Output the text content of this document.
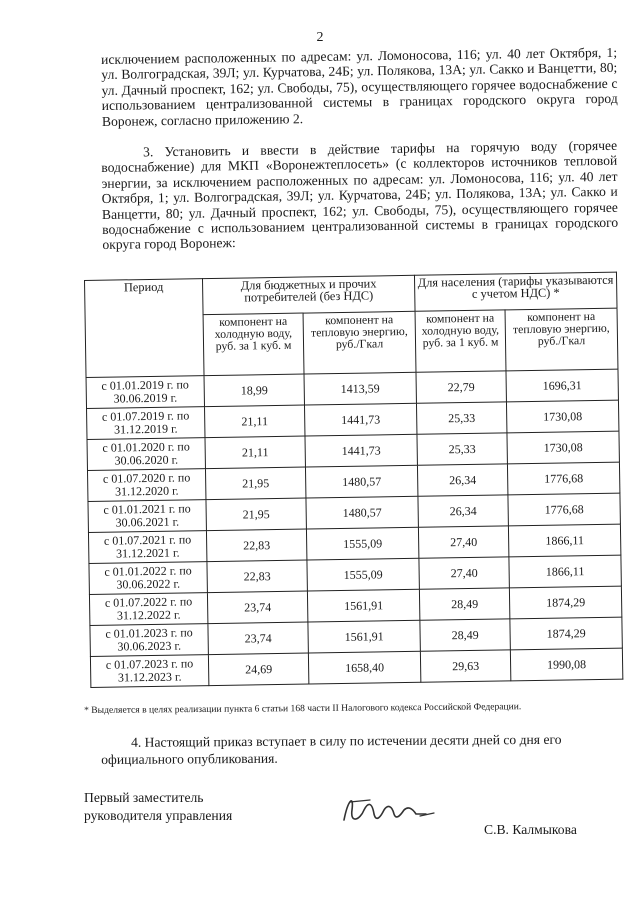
2
исключением расположенных по адресам: ул. Ломоносова, 116; ул. 40 лет Октября, 1; ул. Волгоградская, 39Л; ул. Курчатова, 24Б; ул. Полякова, 13А; ул. Сакко и Ванцетти, 80; ул. Дачный проспект, 162; ул. Свободы, 75), осуществляющего горячее водоснабжение с использованием централизованной системы в границах городского округа город Воронеж, согласно приложению 2.
3. Установить и ввести в действие тарифы на горячую воду (горячее водоснабжение) для МКП «Воронежтеплосеть» (с коллекторов источников тепловой энергии, за исключением расположенных по адресам: ул. Ломоносова, 116; ул. 40 лет Октября, 1; ул. Волгоградская, 39Л; ул. Курчатова, 24Б; ул. Полякова, 13А; ул. Сакко и Ванцетти, 80; ул. Дачный проспект, 162; ул. Свободы, 75), осуществляющего горячее водоснабжение с использованием централизованной системы в границах городского округа город Воронеж:
Период	Для бюджетных и прочих потребителей (без НДС)		Для населения (тарифы указываются с учетом НДС) *	
	компонент на холодную воду, руб. за 1 куб. м	компонент на тепловую энергию, руб./Гкал	компонент на холодную воду, руб. за 1 куб. м	компонент на тепловую энергию, руб./Гкал
с 01.01.2019 г. по 30.06.2019 г.	18,99	1413,59	22,79	1696,31
с 01.07.2019 г. по 31.12.2019 г.	21,11	1441,73	25,33	1730,08
с 01.01.2020 г. по 30.06.2020 г.	21,11	1441,73	25,33	1730,08
с 01.07.2020 г. по 31.12.2020 г.	21,95	1480,57	26,34	1776,68
с 01.01.2021 г. по 30.06.2021 г.	21,95	1480,57	26,34	1776,68
с 01.07.2021 г. по 31.12.2021 г.	22,83	1555,09	27,40	1866,11
с 01.01.2022 г. по 30.06.2022 г.	22,83	1555,09	27,40	1866,11
с 01.07.2022 г. по 31.12.2022 г.	23,74	1561,91	28,49	1874,29
с 01.01.2023 г. по 30.06.2023 г.	23,74	1561,91	28,49	1874,29
с 01.07.2023 г. по 31.12.2023 г.	24,69	1658,40	29,63	1990,08
* Выделяется в целях реализации пункта 6 статьи 168 части II Налогового кодекса Российской Федерации.
4. Настоящий приказ вступает в силу по истечении десяти дней со дня его официального опубликования.
Первый заместитель
руководителя управления
С.В. Калмыкова
